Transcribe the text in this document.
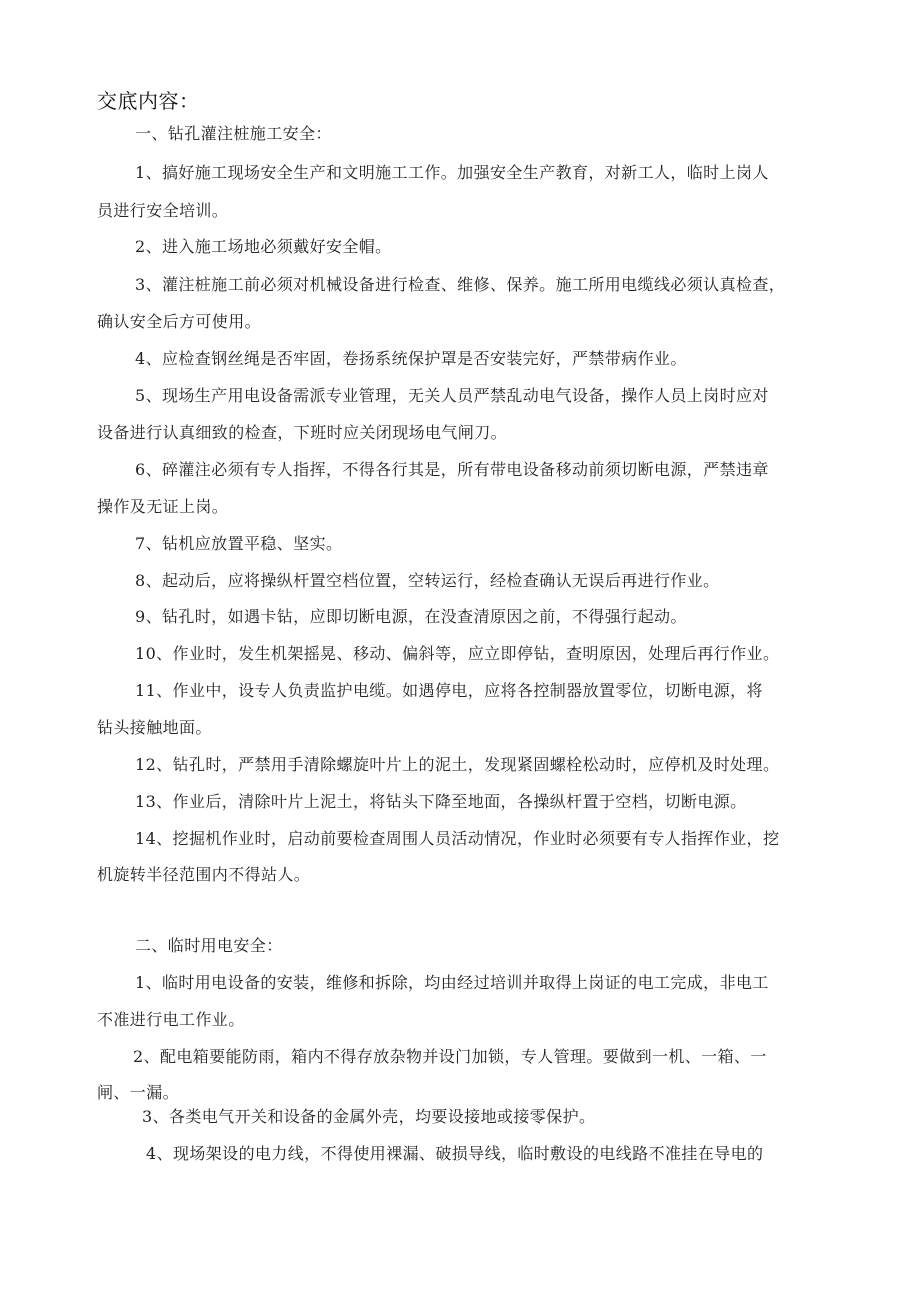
交底内容：
一、钻孔灌注桩施工安全：
1、搞好施工现场安全生产和文明施工工作。加强安全生产教育，对新工人，临时上岗人
员进行安全培训。
2、进入施工场地必须戴好安全帽。
3、灌注桩施工前必须对机械设备进行检查、维修、保养。施工所用电缆线必须认真检查，
确认安全后方可使用。
4、应检查钢丝绳是否牢固，卷扬系统保护罩是否安装完好，严禁带病作业。
5、现场生产用电设备需派专业管理，无关人员严禁乱动电气设备，操作人员上岗时应对
设备进行认真细致的检查，下班时应关闭现场电气闸刀。
6、碎灌注必须有专人指挥，不得各行其是，所有带电设备移动前须切断电源，严禁违章
操作及无证上岗。
7、钻机应放置平稳、坚实。
8、起动后，应将操纵杆置空档位置，空转运行，经检查确认无误后再进行作业。
9、钻孔时，如遇卡钻，应即切断电源，在没查清原因之前，不得强行起动。
10、作业时，发生机架摇晃、移动、偏斜等，应立即停钻，查明原因，处理后再行作业。
11、作业中，设专人负责监护电缆。如遇停电，应将各控制器放置零位，切断电源，将
钻头接触地面。
12、钻孔时，严禁用手清除螺旋叶片上的泥土，发现紧固螺栓松动时，应停机及时处理。
13、作业后，清除叶片上泥土，将钻头下降至地面，各操纵杆置于空档，切断电源。
14、挖掘机作业时，启动前要检查周围人员活动情况，作业时必须要有专人指挥作业，挖
机旋转半径范围内不得站人。
二、临时用电安全：
1、临时用电设备的安装，维修和拆除，均由经过培训并取得上岗证的电工完成，非电工
不准进行电工作业。
2、配电箱要能防雨，箱内不得存放杂物并设门加锁，专人管理。要做到一机、一箱、一
闸、一漏。
3、各类电气开关和设备的金属外壳，均要设接地或接零保护。
4、现场架设的电力线，不得使用裸漏、破损导线，临时敷设的电线路不准挂在导电的
